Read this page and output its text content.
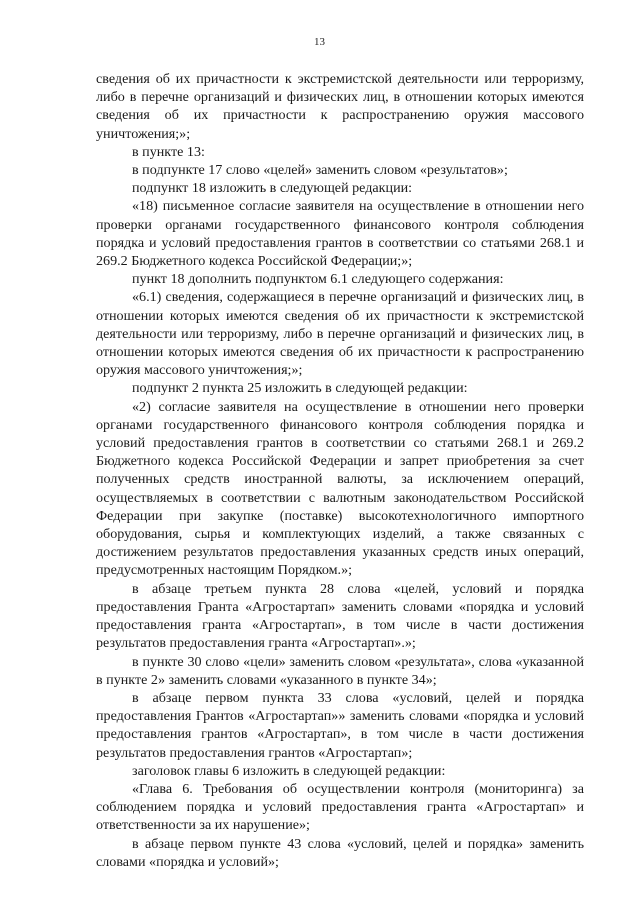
13

сведения об их причастности к экстремистской деятельности или терроризму, либо в перечне организаций и физических лиц, в отношении которых имеются сведения об их причастности к распространению оружия массового уничтожения;»;

в пункте 13:

в подпункте 17 слово «целей» заменить словом «результатов»;

подпункт 18 изложить в следующей редакции:

«18) письменное согласие заявителя на осуществление в отношении него проверки органами государственного финансового контроля соблюдения порядка и условий предоставления грантов в соответствии со статьями 268.1 и 269.2 Бюджетного кодекса Российской Федерации;»;

пункт 18 дополнить подпунктом 6.1 следующего содержания:

«6.1) сведения, содержащиеся в перечне организаций и физических лиц, в отношении которых имеются сведения об их причастности к экстремистской деятельности или терроризму, либо в перечне организаций и физических лиц, в отношении которых имеются сведения об их причастности к распространению оружия массового уничтожения;»;

подпункт 2 пункта 25 изложить в следующей редакции:

«2) согласие заявителя на осуществление в отношении него проверки органами государственного финансового контроля соблюдения порядка и условий предоставления грантов в соответствии со статьями 268.1 и 269.2 Бюджетного кодекса Российской Федерации и запрет приобретения за счет полученных средств иностранной валюты, за исключением операций, осуществляемых в соответствии с валютным законодательством Российской Федерации при закупке (поставке) высокотехнологичного импортного оборудования, сырья и комплектующих изделий, а также связанных с достижением результатов предоставления указанных средств иных операций, предусмотренных настоящим Порядком.»;

в абзаце третьем пункта 28 слова «целей, условий и порядка предоставления Гранта «Агростартап» заменить словами «порядка и условий предоставления гранта «Агростартап», в том числе в части достижения результатов предоставления гранта «Агростартап».»;

в пункте 30 слово «цели» заменить словом «результата», слова «указанной в пункте 2» заменить словами «указанного в пункте 34»;

в абзаце первом пункта 33 слова «условий, целей и порядка предоставления Грантов «Агростартап»» заменить словами «порядка и условий предоставления грантов «Агростартап», в том числе в части достижения результатов предоставления грантов «Агростартап»;

заголовок главы 6 изложить в следующей редакции:

«Глава 6. Требования об осуществлении контроля (мониторинга) за соблюдением порядка и условий предоставления гранта «Агростартап» и ответственности за их нарушение»;

в абзаце первом пункте 43 слова «условий, целей и порядка» заменить словами «порядка и условий»;
